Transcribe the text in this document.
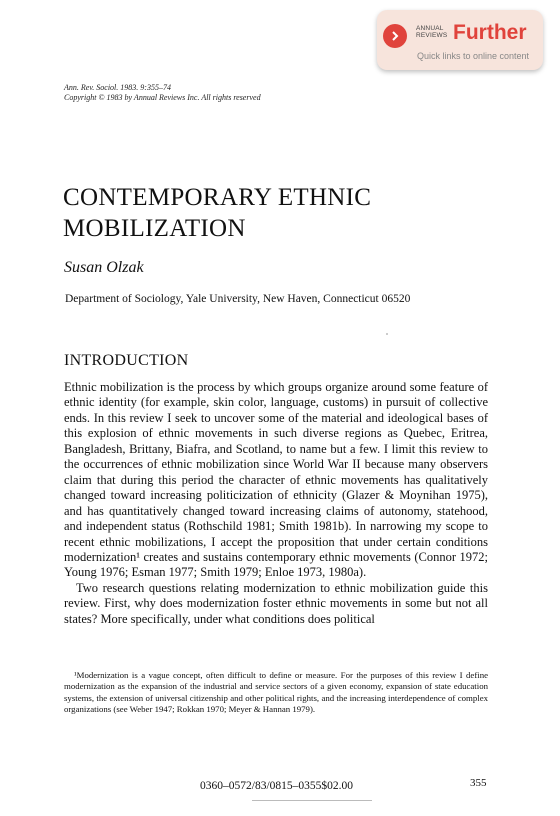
ANNUAL
REVIEWS Further
Quick links to online content
Ann. Rev. Sociol. 1983. 9:355–74
Copyright © 1983 by Annual Reviews Inc. All rights reserved
CONTEMPORARY ETHNIC MOBILIZATION
Susan Olzak
Department of Sociology, Yale University, New Haven, Connecticut 06520
INTRODUCTION

Ethnic mobilization is the process by which groups organize around some feature of ethnic identity (for example, skin color, language, customs) in pursuit of collective ends. In this review I seek to uncover some of the material and ideological bases of this explosion of ethnic movements in such diverse regions as Quebec, Eritrea, Bangladesh, Brittany, Biafra, and Scotland, to name but a few. I limit this review to the occurrences of ethnic mobilization since World War II because many observers claim that during this period the character of ethnic movements has qualitatively changed toward increasing politicization of ethnicity (Glazer & Moynihan 1975), and has quantitatively changed toward increasing claims of autonomy, statehood, and independent status (Rothschild 1981; Smith 1981b). In narrowing my scope to recent ethnic mobilizations, I accept the proposition that under certain conditions modernization¹ creates and sustains contemporary ethnic movements (Connor 1972; Young 1976; Esman 1977; Smith 1979; Enloe 1973, 1980a).

Two research questions relating modernization to ethnic mobilization guide this review. First, why does modernization foster ethnic movements in some but not all states? More specifically, under what conditions does political

¹Modernization is a vague concept, often difficult to define or measure. For the purposes of this review I define modernization as the expansion of the industrial and service sectors of a given economy, expansion of state education systems, the extension of universal citizenship and other political rights, and the increasing interdependence of complex organizations (see Weber 1947; Rokkan 1970; Meyer & Hannan 1979).

355
0360–0572/83/0815–0355$02.00
